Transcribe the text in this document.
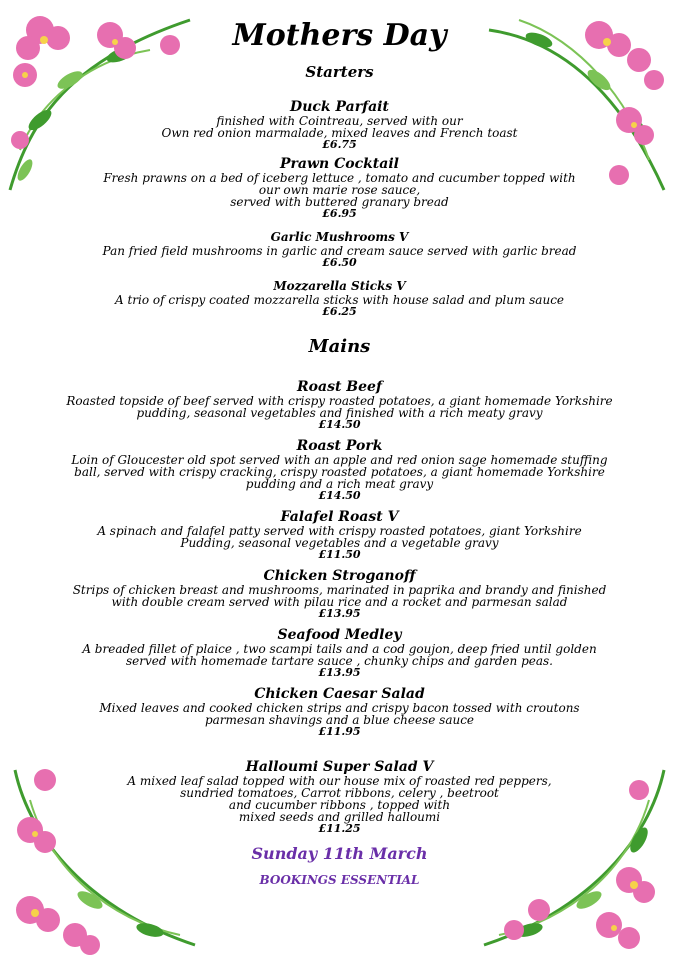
Mothers Day
Starters
Duck Parfait
finished with Cointreau, served with our
Own red onion marmalade, mixed leaves and French toast
£6.75
Prawn Cocktail
Fresh prawns on a bed of iceberg lettuce , tomato and cucumber topped with
our own marie rose sauce,
served with buttered granary bread
£6.95
Garlic Mushrooms V
Pan fried field mushrooms in garlic and cream sauce served with garlic bread
£6.50
Mozzarella Sticks V
A trio of crispy coated mozzarella sticks with house salad and plum sauce
£6.25
Mains
Roast Beef
Roasted topside of beef served with crispy roasted potatoes, a giant homemade Yorkshire
pudding, seasonal vegetables and finished with a rich meaty gravy
£14.50
Roast Pork
Loin of Gloucester old spot served with an apple and red onion sage homemade stuffing
ball, served with crispy cracking, crispy roasted potatoes, a giant homemade Yorkshire
pudding and a rich meat gravy
£14.50
Falafel Roast V
A spinach and falafel patty served with crispy roasted potatoes, giant Yorkshire
Pudding, seasonal vegetables and a vegetable gravy
£11.50
Chicken Stroganoff
Strips of chicken breast and mushrooms, marinated in paprika and brandy and finished
with double cream served with pilau rice and a rocket and parmesan salad
£13.95
Seafood Medley
A breaded fillet of plaice , two scampi tails and a cod goujon, deep fried until golden
served with homemade tartare sauce , chunky chips and garden peas.
£13.95
Chicken Caesar Salad
Mixed leaves and cooked chicken strips and crispy bacon tossed with croutons
parmesan shavings and a blue cheese sauce
£11.95
Halloumi Super Salad V
A mixed leaf salad topped with our house mix of roasted red peppers,
sundried tomatoes, Carrot ribbons, celery , beetroot
and cucumber ribbons , topped with
mixed seeds and grilled halloumi
£11.25
Sunday 11th March
BOOKINGS ESSENTIAL
